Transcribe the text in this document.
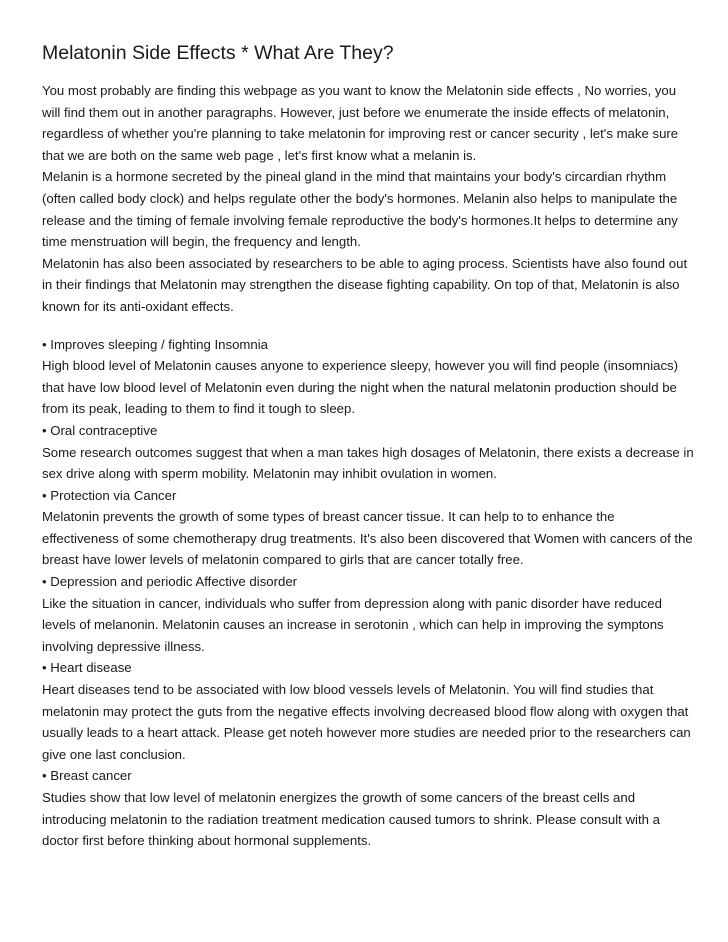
Melatonin Side Effects * What Are They?

You most probably are finding this webpage as you want to know the Melatonin side effects , No worries, you will find them out in another paragraphs. However, just before we enumerate the inside effects of melatonin, regardless of whether you're planning to take melatonin for improving rest or cancer security , let's make sure that we are both on the same web page , let's first know what a melanin is.

Melanin is a hormone secreted by the pineal gland in the mind that maintains your body's circardian rhythm (often called body clock) and helps regulate other the body's hormones. Melanin also helps to manipulate the release and the timing of female involving female reproductive the body's hormones.It helps to determine any time menstruation will begin, the frequency and length.

Melatonin has also been associated by researchers to be able to aging process. Scientists have also found out in their findings that Melatonin may strengthen the disease fighting capability. On top of that, Melatonin is also known for its anti-oxidant effects.

• Improves sleeping / fighting Insomnia

High blood level of Melatonin causes anyone to experience sleepy, however you will find people (insomniacs) that have low blood level of Melatonin even during the night when the natural melatonin production should be from its peak, leading to them to find it tough to sleep.

• Oral contraceptive

Some research outcomes suggest that when a man takes high dosages of Melatonin, there exists a decrease in sex drive along with sperm mobility. Melatonin may inhibit ovulation in women.

• Protection via Cancer

Melatonin prevents the growth of some types of breast cancer tissue. It can help to to enhance the effectiveness of some chemotherapy drug treatments. It's also been discovered that Women with cancers of the breast have lower levels of melatonin compared to girls that are cancer totally free.

• Depression and periodic Affective disorder

Like the situation in cancer, individuals who suffer from depression along with panic disorder have reduced levels of melanonin. Melatonin causes an increase in serotonin , which can help in improving the symptons involving depressive illness.

• Heart disease

Heart diseases tend to be associated with low blood vessels levels of Melatonin. You will find studies that melatonin may protect the guts from the negative effects involving decreased blood flow along with oxygen that usually leads to a heart attack. Please get noteh however more studies are needed prior to the researchers can give one last conclusion.

• Breast cancer

Studies show that low level of melatonin energizes the growth of some cancers of the breast cells and introducing melatonin to the radiation treatment medication caused tumors to shrink. Please consult with a doctor first before thinking about hormonal supplements.
